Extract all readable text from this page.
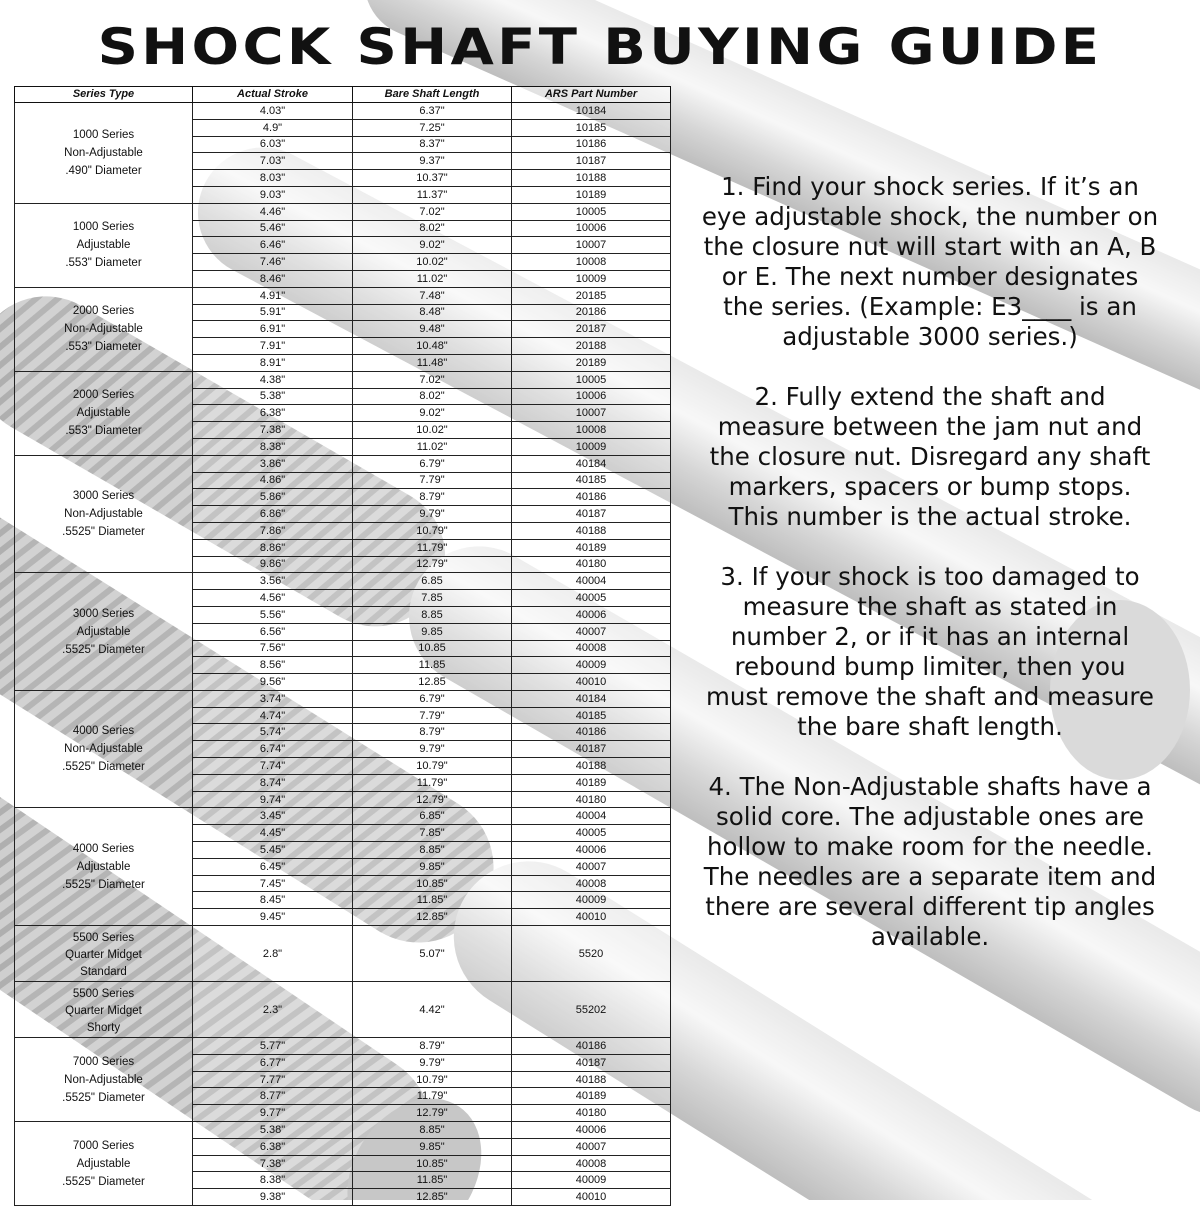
SHOCK SHAFT BUYING GUIDE
Series Type	Actual Stroke	Bare Shaft Length	ARS Part Number

1000 Series
Non-Adjustable
.490" Diameter	4.03"	6.37"	10184
	4.9"	7.25"	10185
	6.03"	8.37"	10186
	7.03"	9.37"	10187
	8.03"	10.37"	10188
	9.03"	11.37"	10189

1000 Series
Adjustable
.553" Diameter	4.46"	7.02"	10005
	5.46"	8.02"	10006
	6.46"	9.02"	10007
	7.46"	10.02"	10008
	8.46"	11.02"	10009

2000 Series
Non-Adjustable
.553" Diameter	4.91"	7.48"	20185
	5.91"	8.48"	20186
	6.91"	9.48"	20187
	7.91"	10.48"	20188
	8.91"	11.48"	20189

2000 Series
Adjustable
.553" Diameter	4.38"	7.02"	10005
	5.38"	8.02"	10006
	6.38"	9.02"	10007
	7.38"	10.02"	10008
	8.38"	11.02"	10009

3000 Series
Non-Adjustable
.5525" Diameter	3.86"	6.79"	40184
	4.86"	7.79"	40185
	5.86"	8.79"	40186
	6.86"	9.79"	40187
	7.86"	10.79"	40188
	8.86"	11.79"	40189
	9.86"	12.79"	40180

3000 Series
Adjustable
.5525" Diameter	3.56"	6.85	40004
	4.56"	7.85	40005
	5.56"	8.85	40006
	6.56"	9.85	40007
	7.56"	10.85	40008
	8.56"	11.85	40009
	9.56"	12.85	40010

4000 Series
Non-Adjustable
.5525" Diameter	3.74"	6.79"	40184
	4.74"	7.79"	40185
	5.74"	8.79"	40186
	6.74"	9.79"	40187
	7.74"	10.79"	40188
	8.74"	11.79"	40189
	9.74"	12.79"	40180

4000 Series
Adjustable
.5525" Diameter	3.45"	6.85"	40004
	4.45"	7.85"	40005
	5.45"	8.85"	40006
	6.45"	9.85"	40007
	7.45"	10.85"	40008
	8.45"	11.85"	40009
	9.45"	12.85"	40010

5500 Series
Quarter Midget
Standard	2.8"	5.07"	5520

5500 Series
Quarter Midget
Shorty	2.3"	4.42"	55202

7000 Series
Non-Adjustable
.5525" Diameter	5.77"	8.79"	40186
	6.77"	9.79"	40187
	7.77"	10.79"	40188
	8.77"	11.79"	40189
	9.77"	12.79"	40180

7000 Series
Adjustable
.5525" Diameter	5.38"	8.85"	40006
	6.38"	9.85"	40007
	7.38"	10.85"	40008
	8.38"	11.85"	40009
	9.38"	12.85"	40010

1. Find your shock series. If it’s an eye adjustable shock, the number on the closure nut will start with an A, B or E. The next number designates the series. (Example: E3____ is an adjustable 3000 series.)

2. Fully extend the shaft and measure between the jam nut and the closure nut. Disregard any shaft markers, spacers or bump stops. This number is the actual stroke.

3. If your shock is too damaged to measure the shaft as stated in number 2, or if it has an internal rebound bump limiter, then you must remove the shaft and measure the bare shaft length.

4. The Non-Adjustable shafts have a solid core. The adjustable ones are hollow to make room for the needle. The needles are a separate item and there are several different tip angles available.
